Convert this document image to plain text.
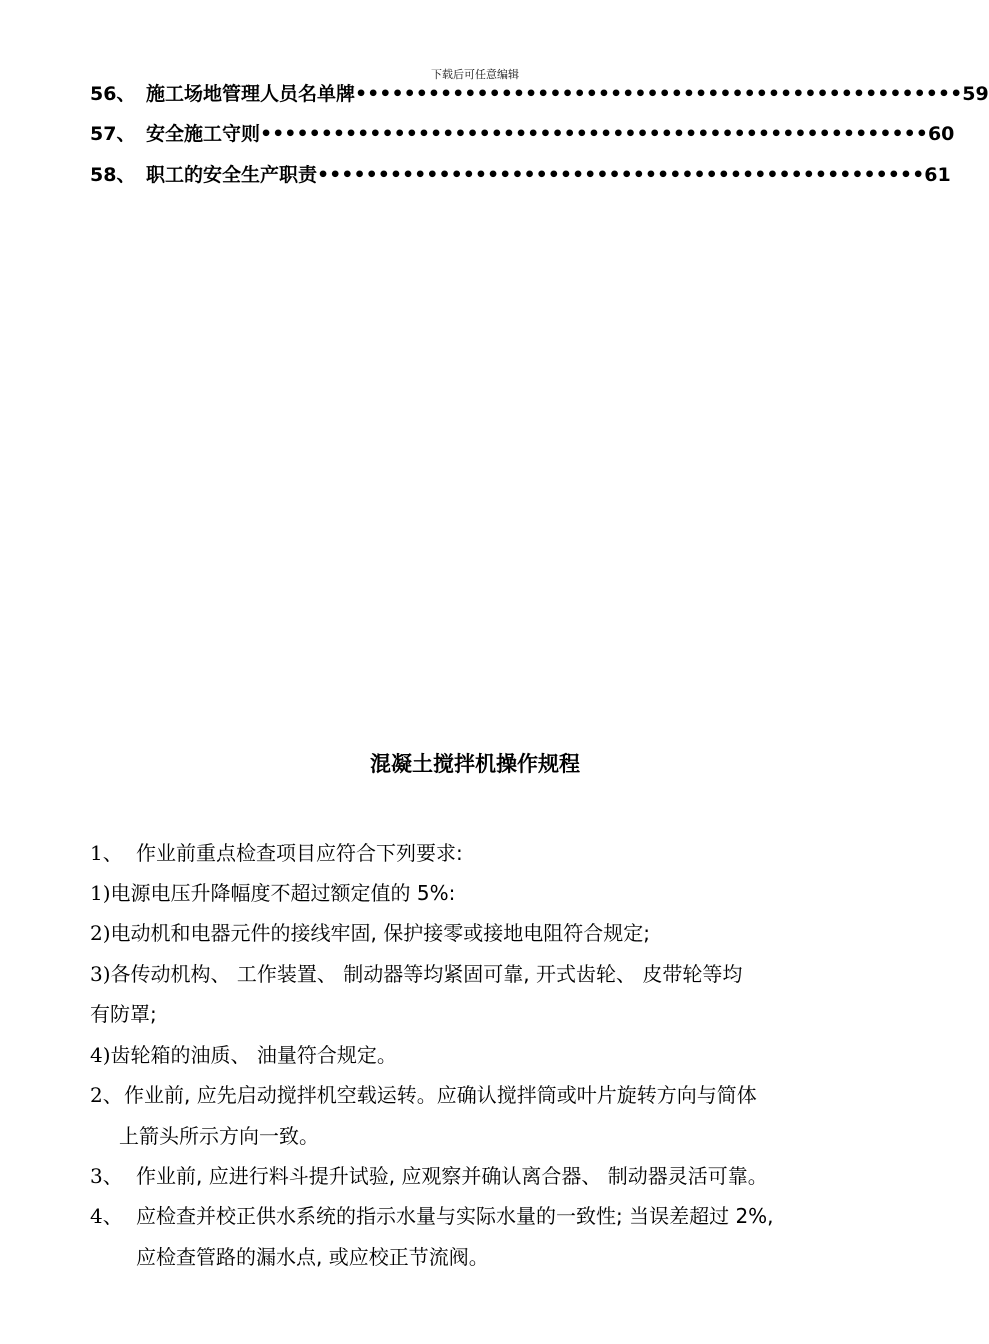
下载后可任意编辑
56、 施工场地管理人员名单牌••••••••••••••••••••••••••••••••••••••••••••••••••59
57、 安全施工守则•••••••••••••••••••••••••••••••••••••••••••••••••••••••60
58、 职工的安全生产职责••••••••••••••••••••••••••••••••••••••••••••••••••61
混凝土搅拌机操作规程
1、 作业前重点检查项目应符合下列要求:
1)电源电压升降幅度不超过额定值的 5%:
2)电动机和电器元件的接线牢固, 保护接零或接地电阻符合规定;
3)各传动机构、 工作装置、 制动器等均紧固可靠, 开式齿轮、 皮带轮等均
有防罩;
4)齿轮箱的油质、 油量符合规定。
2、作业前, 应先启动搅拌机空载运转。应确认搅拌筒或叶片旋转方向与简体
上箭头所示方向一致。
3、 作业前, 应进行料斗提升试验, 应观察并确认离合器、 制动器灵活可靠。
4、 应检查并校正供水系统的指示水量与实际水量的一致性; 当误差超过 2%,
应检查管路的漏水点, 或应校正节流阀。
